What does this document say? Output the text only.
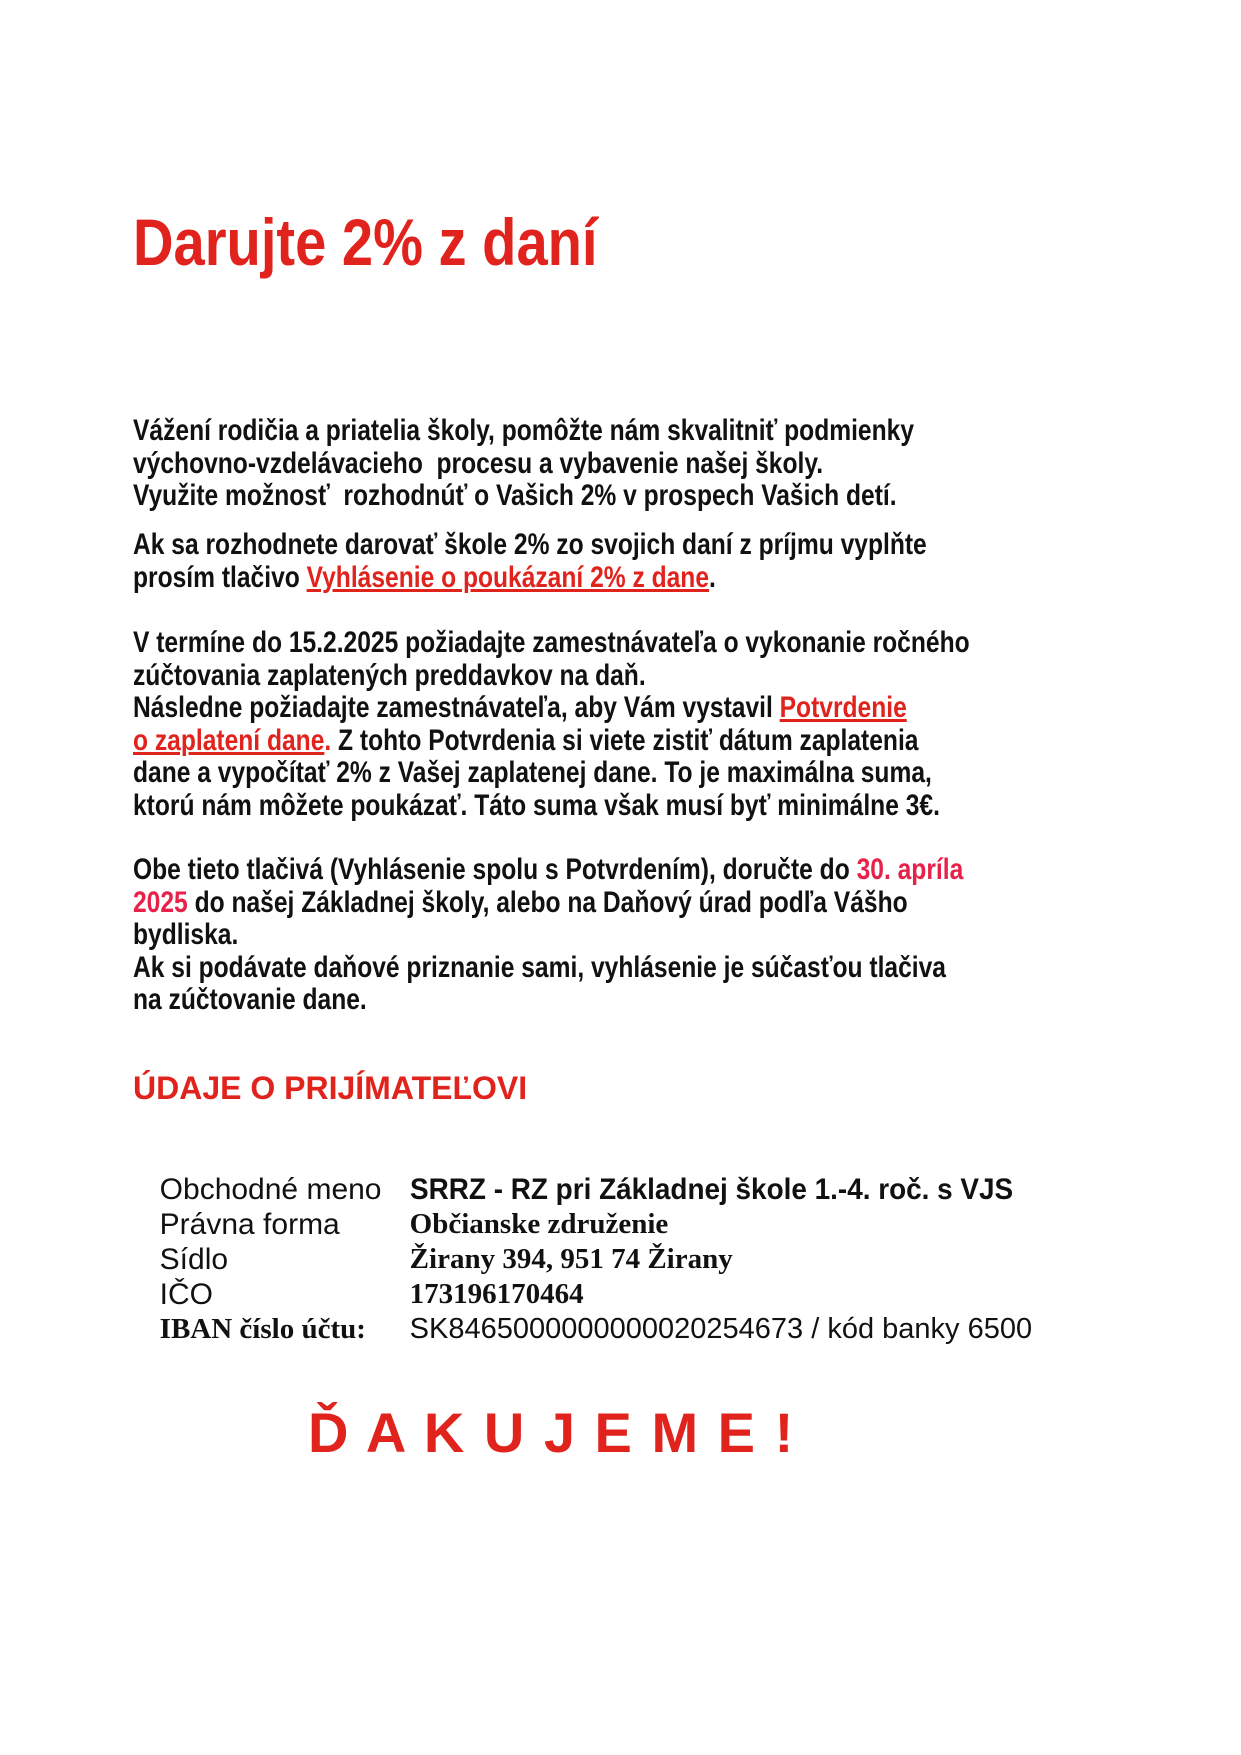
Darujte 2% z daní
Vážení rodičia a priatelia školy, pomôžte nám skvalitniť podmienky
výchovno-vzdelávacieho  procesu a vybavenie našej školy.
Využite možnosť  rozhodnúť o Vašich 2% v prospech Vašich detí.
Ak sa rozhodnete darovať škole 2% zo svojich daní z príjmu vyplňte
prosím tlačivo Vyhlásenie o poukázaní 2% z dane.
V termíne do 15.2.2025 požiadajte zamestnávateľa o vykonanie ročného
zúčtovania zaplatených preddavkov na daň.
Následne požiadajte zamestnávateľa, aby Vám vystavil Potvrdenie
o zaplatení dane. Z tohto Potvrdenia si viete zistiť dátum zaplatenia
dane a vypočítať 2% z Vašej zaplatenej dane. To je maximálna suma,
ktorú nám môžete poukázať. Táto suma však musí byť minimálne 3€.
Obe tieto tlačivá (Vyhlásenie spolu s Potvrdením), doručte do 30. apríla
2025 do našej Základnej školy, alebo na Daňový úrad podľa Vášho
bydliska.
Ak si podávate daňové priznanie sami, vyhlásenie je súčasťou tlačiva
na zúčtovanie dane.
ÚDAJE O PRIJÍMATEĽOVI

Obchodné meno SRRZ - RZ pri Základnej škole 1.-4. roč. s VJS

Právna forma Občianske združenie

Sídlo	Žirany 394, 951 74 Žirany

IČO	173196170464

IBAN číslo účtu: SK8465000000000020254673 / kód banky 6500

Ď A K U J E M E !
